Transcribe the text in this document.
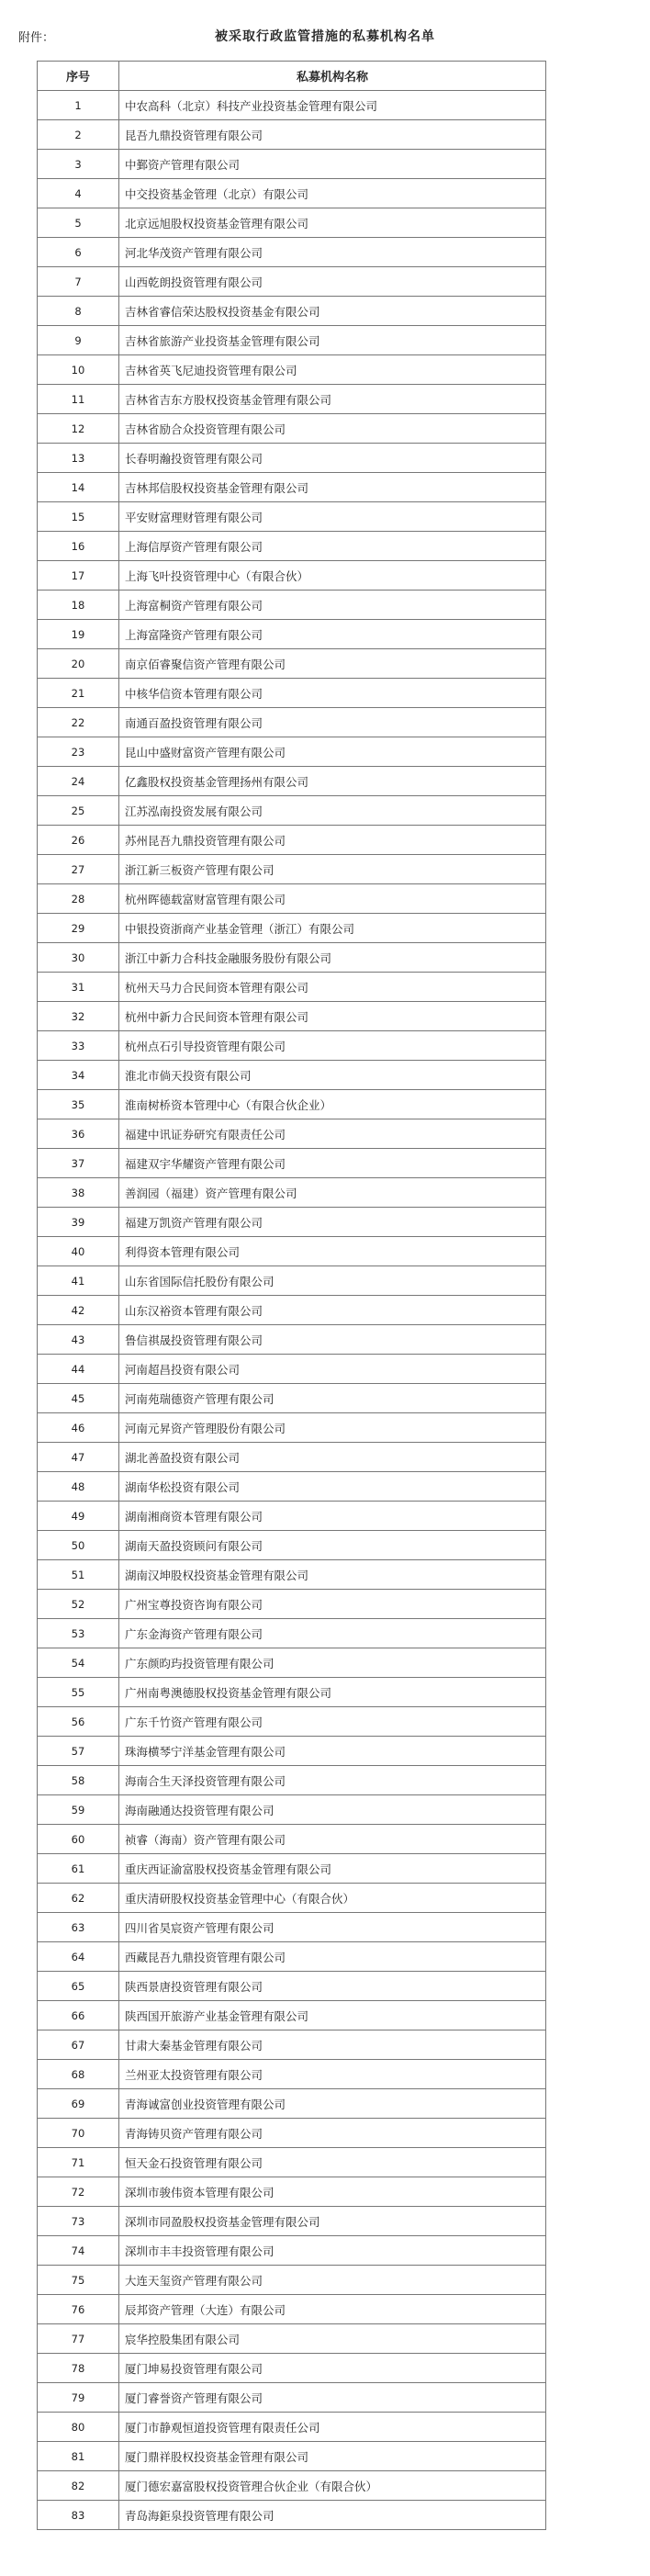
附件：	被采取行政监管措施的私募机构名单
序号	私募机构名称
1	中农高科（北京）科技产业投资基金管理有限公司
2	昆吾九鼎投资管理有限公司
3	中鄞资产管理有限公司
4	中交投资基金管理（北京）有限公司
5	北京远旭股权投资基金管理有限公司
6	河北华茂资产管理有限公司
7	山西乾朗投资管理有限公司
8	吉林省睿信荣达股权投资基金有限公司
9	吉林省旅游产业投资基金管理有限公司
10	吉林省英飞尼迪投资管理有限公司
11	吉林省吉东方股权投资基金管理有限公司
12	吉林省励合众投资管理有限公司
13	长春明瀚投资管理有限公司
14	吉林邦信股权投资基金管理有限公司
15	平安财富理财管理有限公司
16	上海信厚资产管理有限公司
17	上海飞叶投资管理中心（有限合伙）
18	上海富桐资产管理有限公司
19	上海富隆资产管理有限公司
20	南京佰睿聚信资产管理有限公司
21	中核华信资本管理有限公司
22	南通百盈投资管理有限公司
23	昆山中盛财富资产管理有限公司
24	亿鑫股权投资基金管理扬州有限公司
25	江苏泓南投资发展有限公司
26	苏州昆吾九鼎投资管理有限公司
27	浙江新三板资产管理有限公司
28	杭州晖德载富财富管理有限公司
29	中银投资浙商产业基金管理（浙江）有限公司
30	浙江中新力合科技金融服务股份有限公司
31	杭州天马力合民间资本管理有限公司
32	杭州中新力合民间资本管理有限公司
33	杭州点石引导投资管理有限公司
34	淮北市倘天投资有限公司
35	淮南树桥资本管理中心（有限合伙企业）
36	福建中讯证券研究有限责任公司
37	福建双宇华耀资产管理有限公司
38	善润园（福建）资产管理有限公司
39	福建万凯资产管理有限公司
40	利得资本管理有限公司
41	山东省国际信托股份有限公司
42	山东汉裕资本管理有限公司
43	鲁信祺晟投资管理有限公司
44	河南超昌投资有限公司
45	河南苑瑞德资产管理有限公司
46	河南元昇资产管理股份有限公司
47	湖北善盈投资有限公司
48	湖南华松投资有限公司
49	湖南湘商资本管理有限公司
50	湖南天盈投资顾问有限公司
51	湖南汉坤股权投资基金管理有限公司
52	广州宝尊投资咨询有限公司
53	广东金海资产管理有限公司
54	广东颜昀玙投资管理有限公司
55	广州南粤澳德股权投资基金管理有限公司
56	广东千竹资产管理有限公司
57	珠海横琴宁洋基金管理有限公司
58	海南合生天泽投资管理有限公司
59	海南融通达投资管理有限公司
60	祯睿（海南）资产管理有限公司
61	重庆西证渝富股权投资基金管理有限公司
62	重庆清研股权投资基金管理中心（有限合伙）
63	四川省昊宸资产管理有限公司
64	西藏昆吾九鼎投资管理有限公司
65	陕西景唐投资管理有限公司
66	陕西国开旅游产业基金管理有限公司
67	甘肃大秦基金管理有限公司
68	兰州亚太投资管理有限公司
69	青海诚富创业投资管理有限公司
70	青海铸贝资产管理有限公司
71	恒天金石投资管理有限公司
72	深圳市骏伟资本管理有限公司
73	深圳市同盈股权投资基金管理有限公司
74	深圳市丰丰投资管理有限公司
75	大连天玺资产管理有限公司
76	辰邦资产管理（大连）有限公司
77	宸华控股集团有限公司
78	厦门坤易投资管理有限公司
79	厦门睿誉资产管理有限公司
80	厦门市静观恒道投资管理有限责任公司
81	厦门鼎祥股权投资基金管理有限公司
82	厦门德宏嘉富股权投资管理合伙企业（有限合伙）
83	青岛海鉅泉投资管理有限公司
